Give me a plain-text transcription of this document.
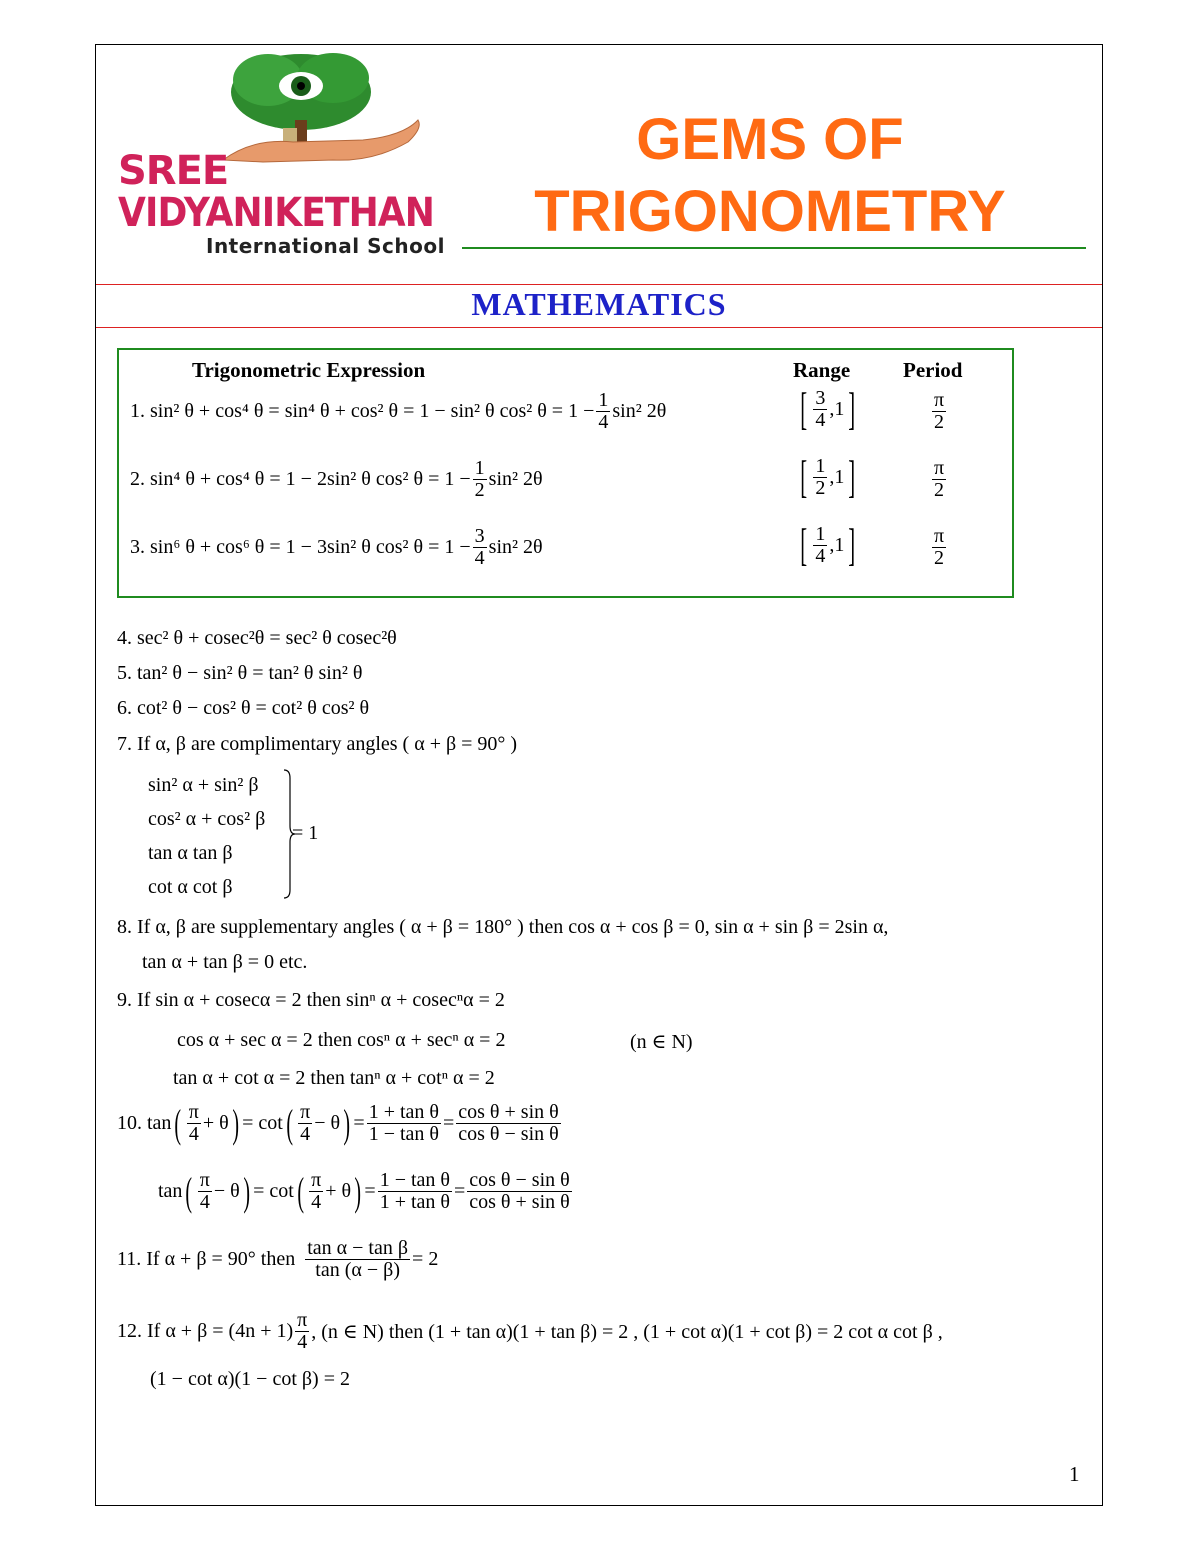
SREE
VIDYANIKETHAN
International School
GEMS OF
TRIGONOMETRY
MATHEMATICS
Trigonometric Expression	Range	Period
1. sin² θ + cos⁴ θ = sin⁴ θ + cos² θ = 1 − sin² θ cos² $\theta = 1 - \frac{1}{4} \sin^2$ 2θ	[ $\frac{3}{4} ,1$ ]	$\frac{\pi}{2}$
2. sin⁴ θ + cos⁴ θ = 1 − 2sin² θ cos² $\theta = 1 - \frac{1}{2} \sin^2$ 2θ	[ $\frac{1}{2} ,1$ ]	$\frac{\pi}{2}$
3. sin⁶ θ + cos⁶ θ = 1 − 3sin² θ cos² $\theta = 1 - \frac{3}{4} \sin^2$ 2θ	[ $\frac{1}{4} ,1$ ]	$\frac{\pi}{2}$
4. sec² θ + cosec²θ = sec² θ cosec²θ
5. tan² θ − sin² θ = tan² θ sin² θ
6. cot² θ − cos² θ = cot² θ cos² θ
7. If α, β are complimentary angles ( α + β = 90° )
sin² α + sin² β
cos² α + cos² β
tan α tan β
cot α cot β
= 1
8. If α, β are supplementary angles ( α + β = 180° ) then cos α + cos β = 0, sin α + sin β = 2sin α,
tan α + tan β = 0 etc.
9. If sin α + cosecα = 2 then sinⁿ α + cosecⁿα = 2
cos α + sec α = 2 then cosⁿ α + secⁿ α = 2	(n ∈ N)
tan α + cot α = 2 then tanⁿ α + cotⁿ α = 2
10. tan ( $\frac{\pi}{4} + \theta$ ) = cot ( $\frac{\pi}{4} - \theta$ ) = $\frac{\text{1 + tan θ}}{\text{1 − tan θ}} = \frac{\text{cos θ + sin θ}}{\text{cos θ − sin θ}}$
tan ( $\frac{\pi}{4} - \theta$ ) = cot ( $\frac{\pi}{4} + \theta$ ) = $\frac{\text{1 − tan θ}}{\text{1 + tan θ}} = \frac{\text{cos θ − sin θ}}{\text{cos θ + sin θ}}$
11. If α + β = 90° then $\frac{\text{tan α − tan β}}{\tan (\alpha - \beta)} = 2$
12. If $\alpha + \beta = (4n + 1) \frac{\pi}{4}$ , (n ∈ N) then (1 + tan α)(1 + tan β) = 2 , (1 + cot α)(1 + cot β) = 2 cot α cot β ,
(1 − cot α)(1 − cot β) = 2
1
